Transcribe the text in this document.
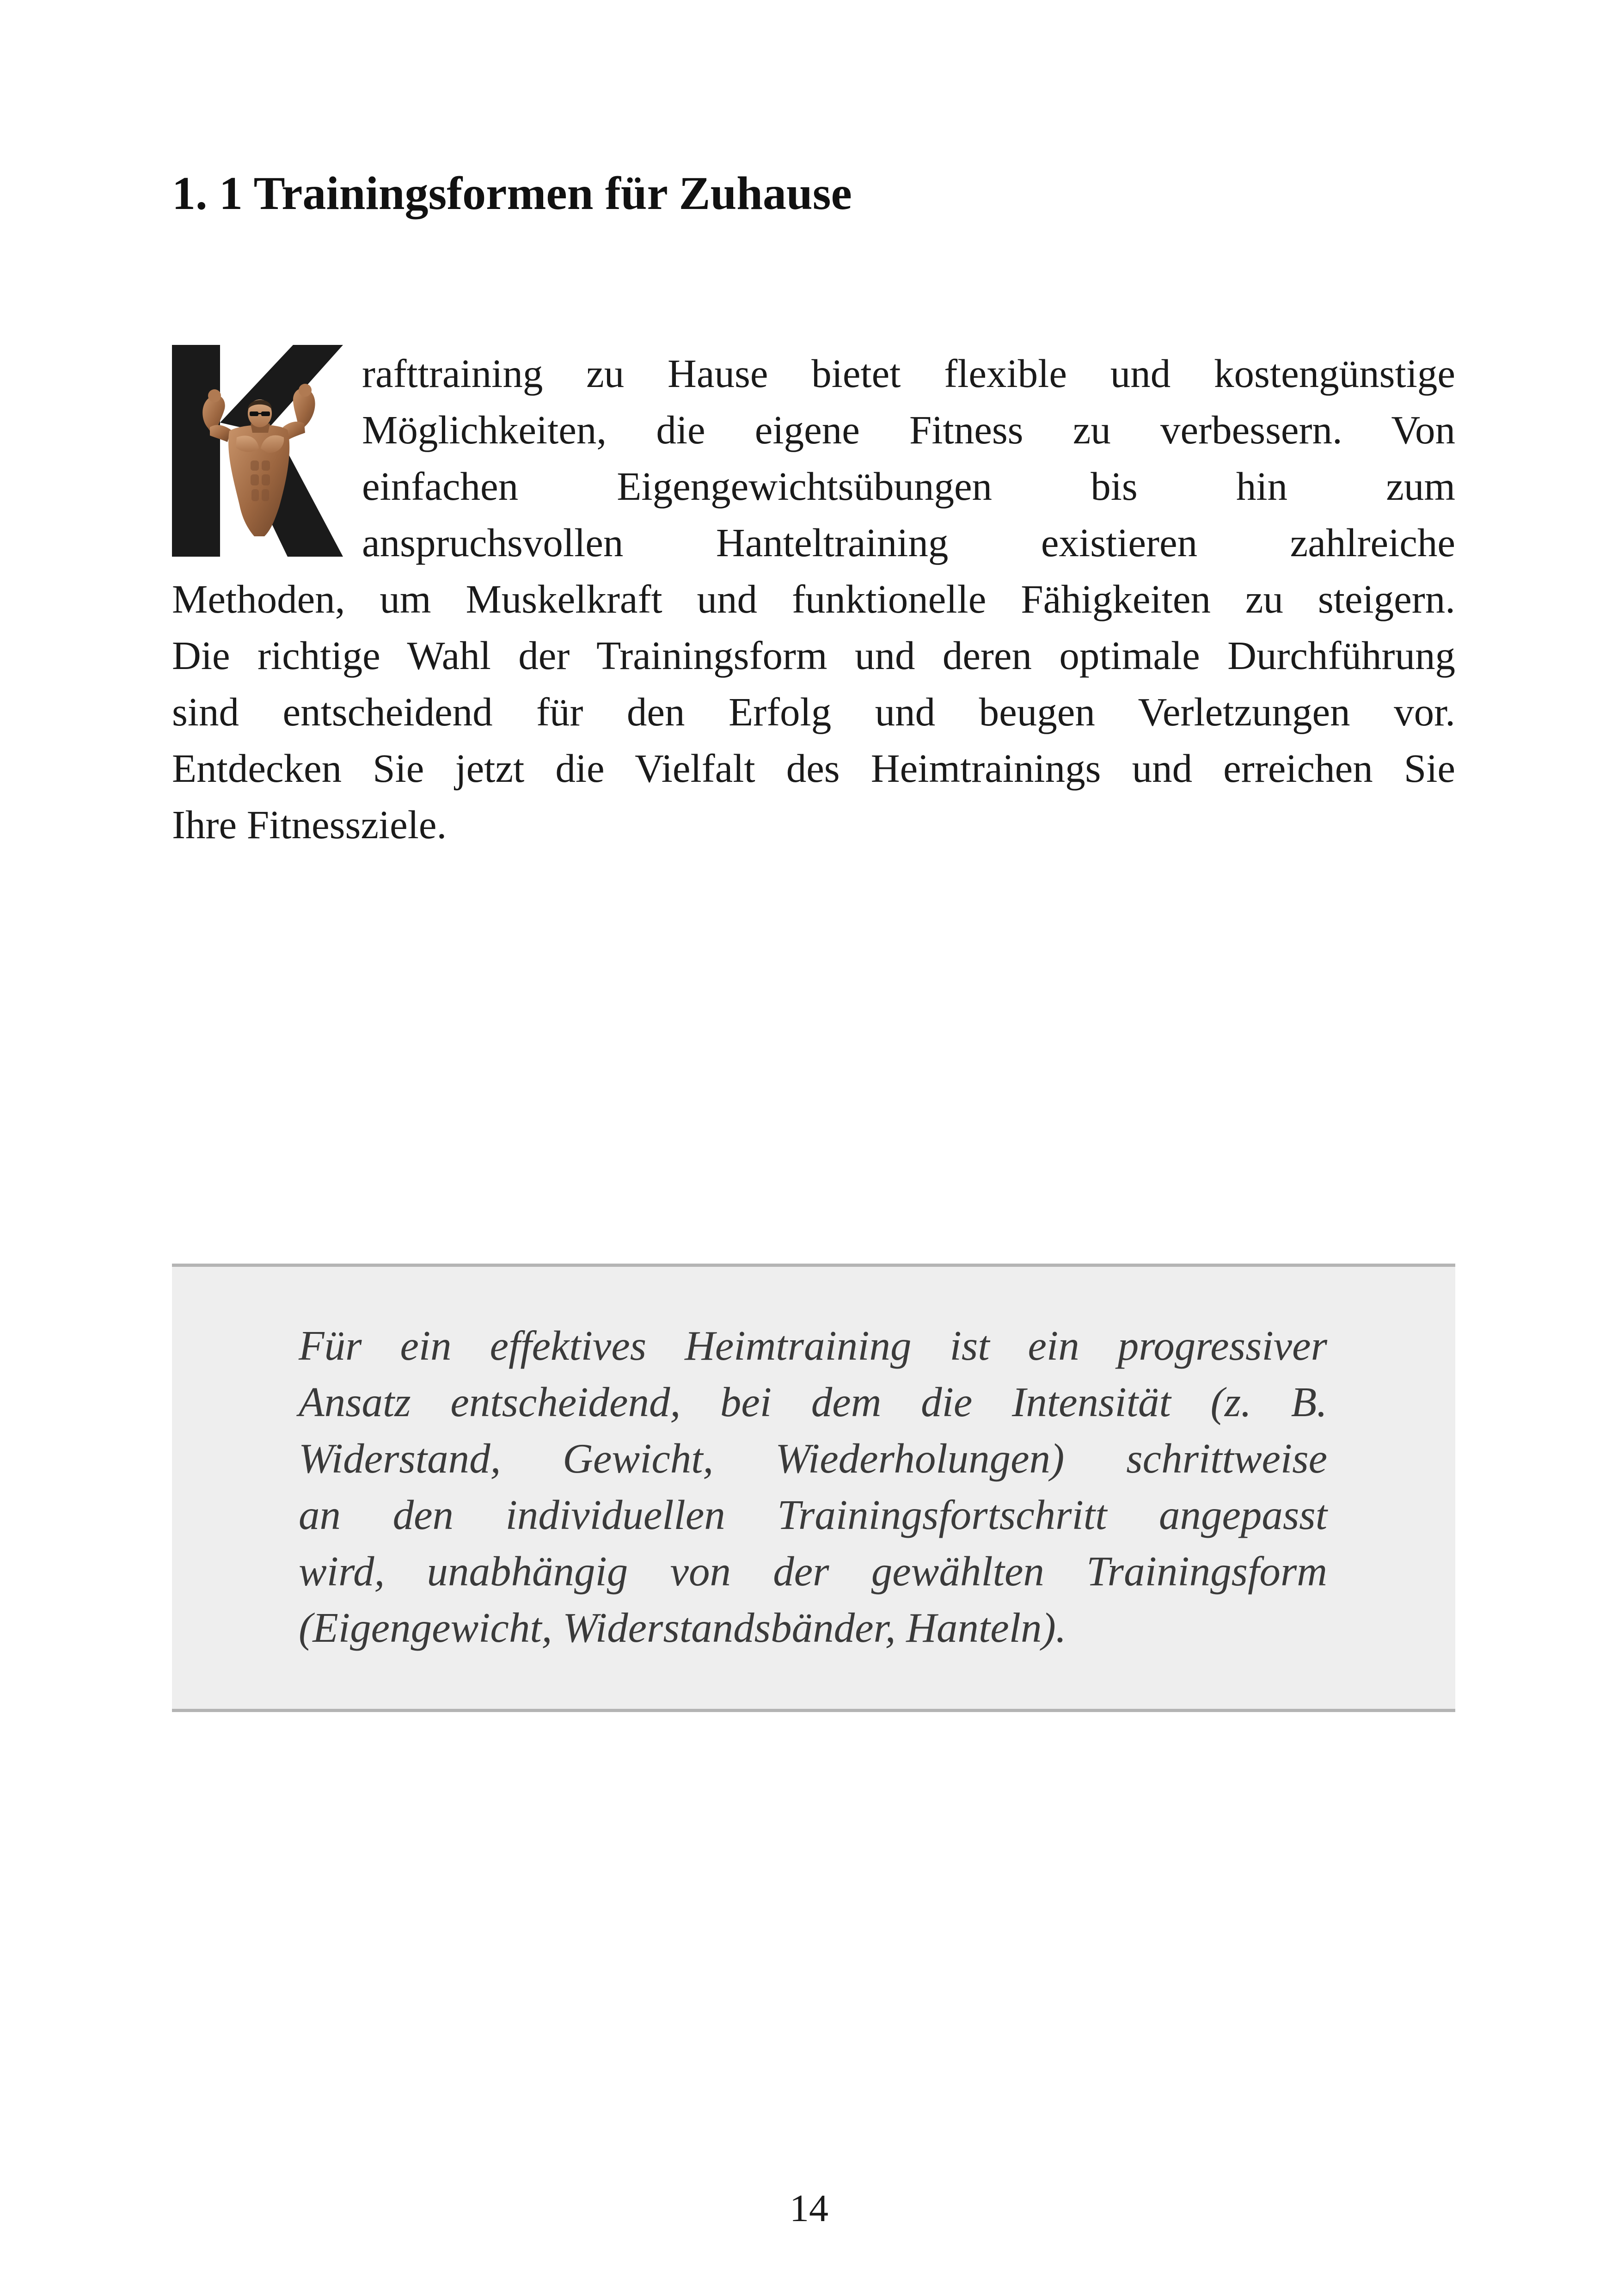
1. 1 Trainingsformen für Zuhause

rafttraining zu Hause bietet flexible und kostengünstige

Möglichkeiten, die eigene Fitness zu verbessern. Von

einfachen Eigengewichtsübungen bis hin zum

anspruchsvollen Hanteltraining existieren zahlreiche

Methoden, um Muskelkraft und funktionelle Fähigkeiten zu steigern.

Die richtige Wahl der Trainingsform und deren optimale Durchführung

sind entscheidend für den Erfolg und beugen Verletzungen vor.

Entdecken Sie jetzt die Vielfalt des Heimtrainings und erreichen Sie

Ihre Fitnessziele.

Für ein effektives Heimtraining ist ein progressiver

Ansatz entscheidend, bei dem die Intensität (z. B.

Widerstand, Gewicht, Wiederholungen) schrittweise

an den individuellen Trainingsfortschritt angepasst

wird, unabhängig von der gewählten Trainingsform

(Eigengewicht, Widerstandsbänder, Hanteln).

14
